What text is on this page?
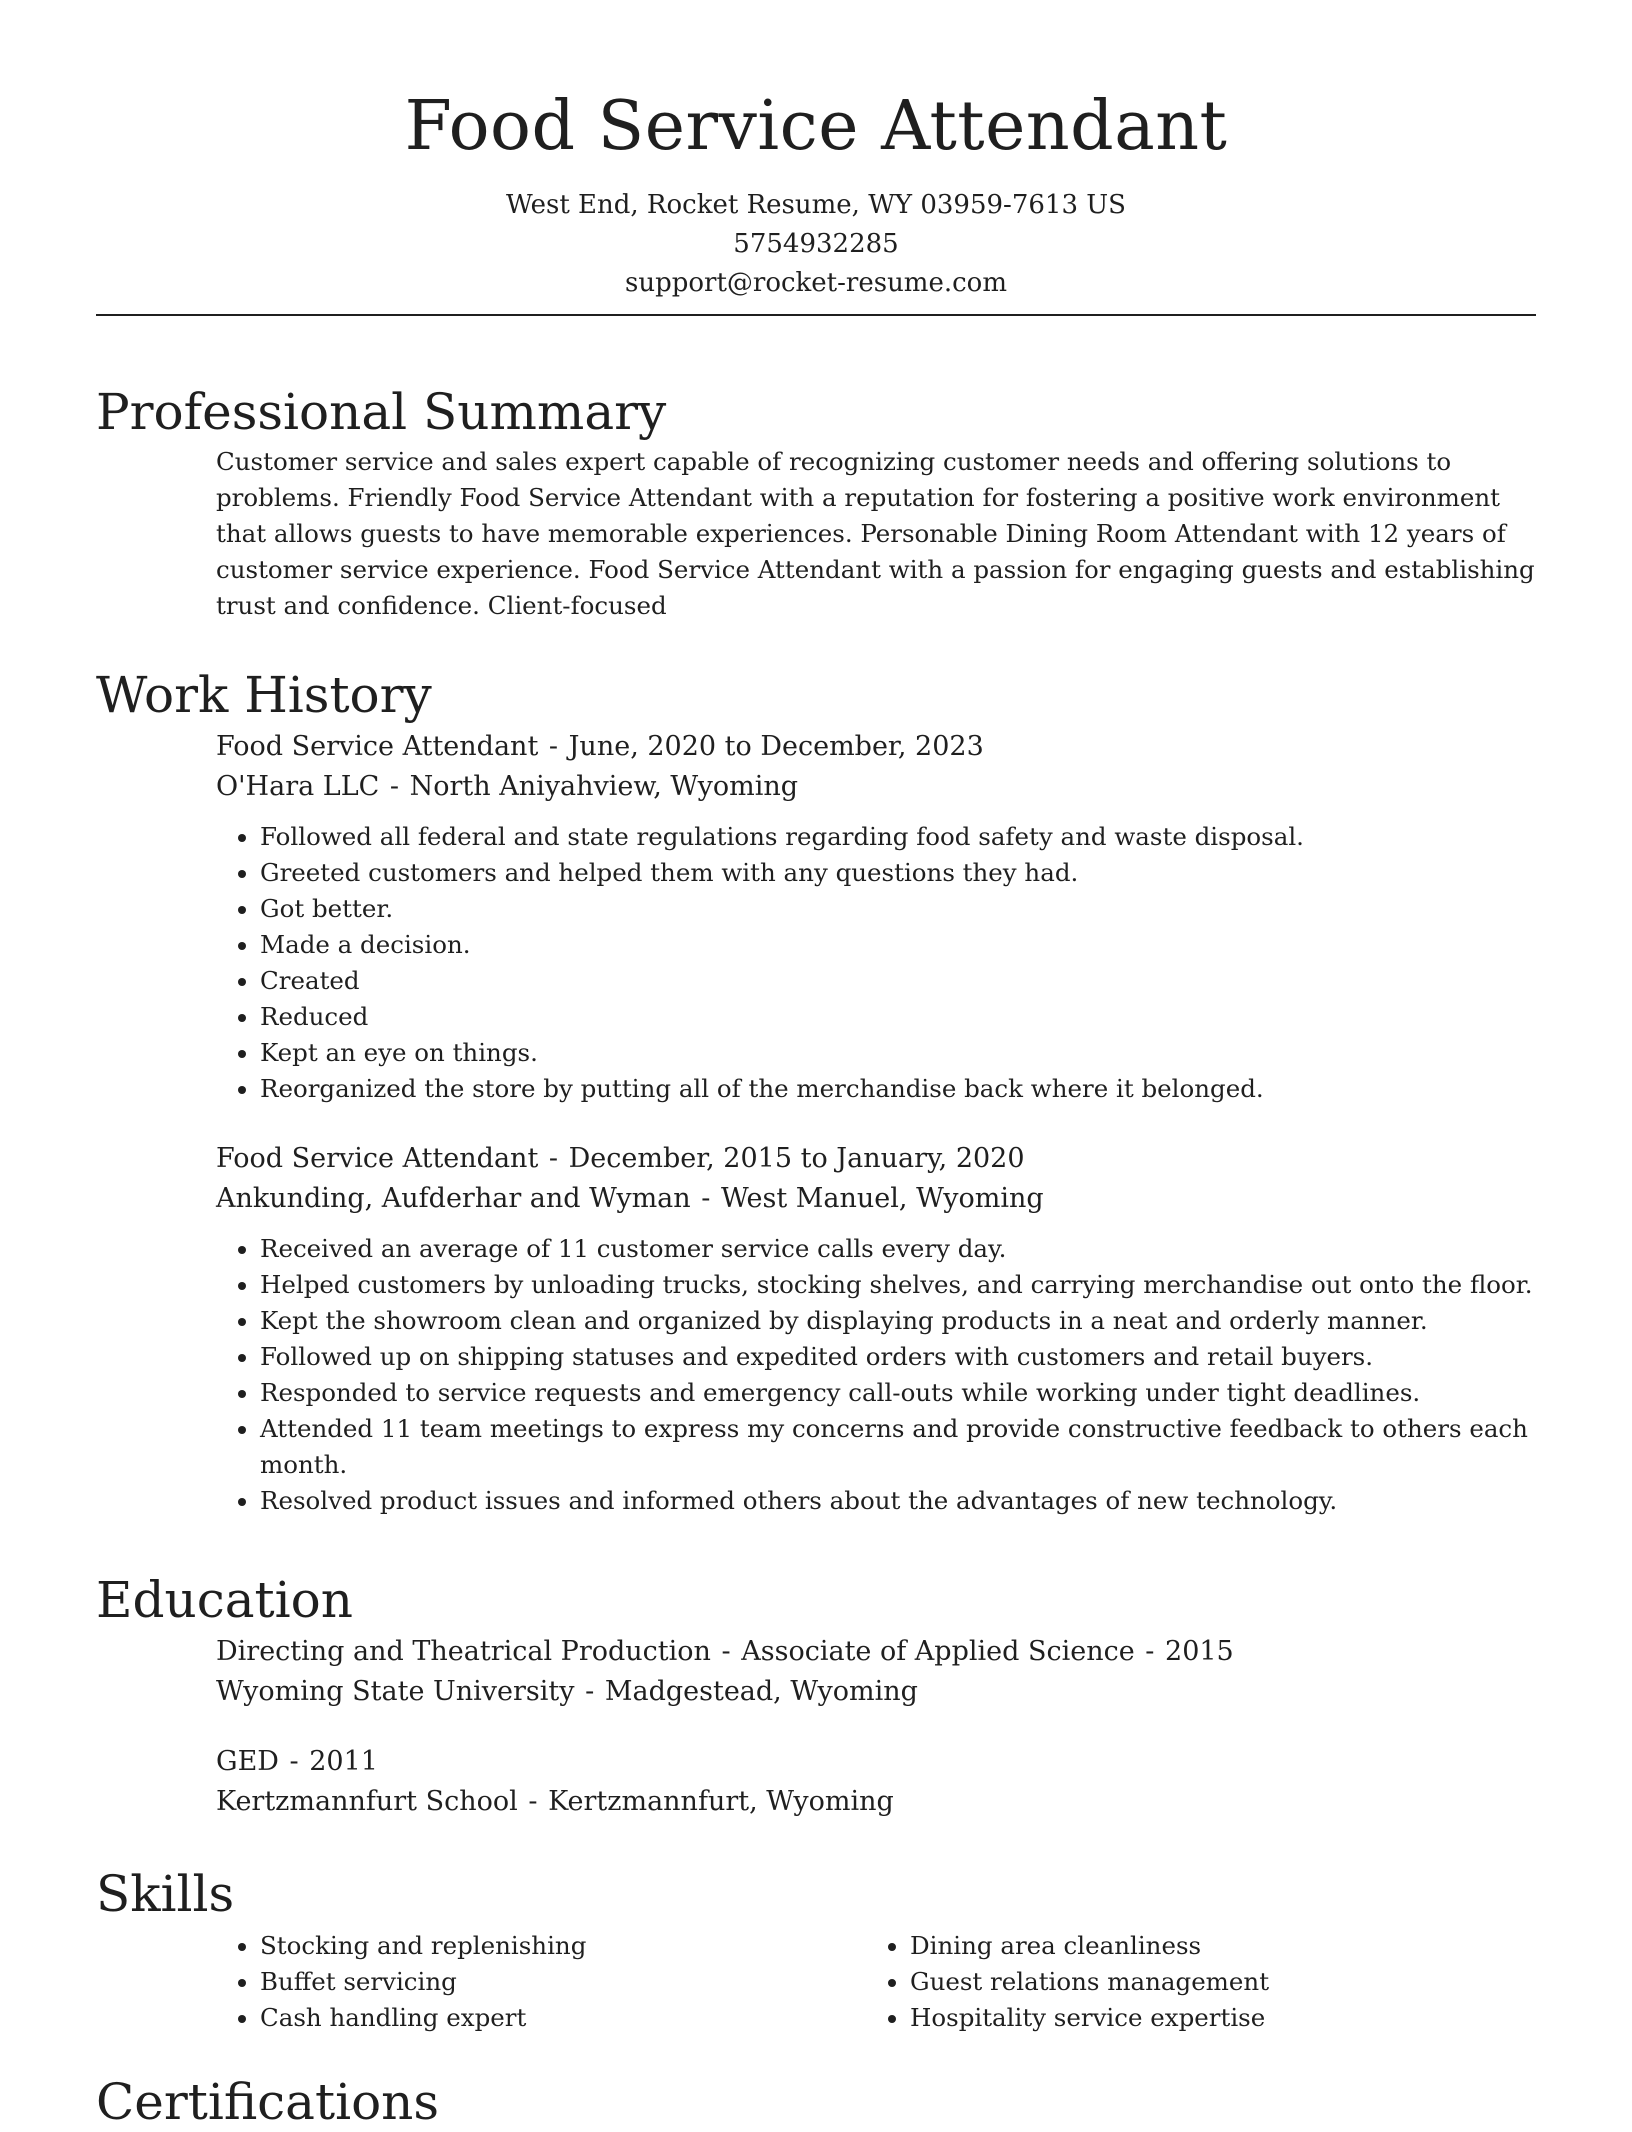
Food Service Attendant
West End, Rocket Resume, WY 03959-7613 US
5754932285
support@rocket-resume.com
Professional Summary

Customer service and sales expert capable of recognizing customer needs and offering solutions to problems. Friendly Food Service Attendant with a reputation for fostering a positive work environment that allows guests to have memorable experiences. Personable Dining Room Attendant with 12 years of customer service experience. Food Service Attendant with a passion for engaging guests and establishing trust and confidence. Client-focused

Work History
Food Service Attendant - June, 2020 to December, 2023
O'Hara LLC - North Aniyahview, Wyoming
• Followed all federal and state regulations regarding food safety and waste disposal.
• Greeted customers and helped them with any questions they had.
• Got better.
• Made a decision.
• Created
• Reduced
• Kept an eye on things.
• Reorganized the store by putting all of the merchandise back where it belonged.
Food Service Attendant - December, 2015 to January, 2020
Ankunding, Aufderhar and Wyman - West Manuel, Wyoming
• Received an average of 11 customer service calls every day.
• Helped customers by unloading trucks, stocking shelves, and carrying merchandise out onto the floor.
• Kept the showroom clean and organized by displaying products in a neat and orderly manner.
• Followed up on shipping statuses and expedited orders with customers and retail buyers.
• Responded to service requests and emergency call-outs while working under tight deadlines.
• Attended 11 team meetings to express my concerns and provide constructive feedback to others each month.
• Resolved product issues and informed others about the advantages of new technology.
Education
Directing and Theatrical Production - Associate of Applied Science - 2015
Wyoming State University - Madgestead, Wyoming
GED - 2011
Kertzmannfurt School - Kertzmannfurt, Wyoming
Skills
• Stocking and replenishing
• Buffet servicing
• Cash handling expert
• Dining area cleanliness
• Guest relations management
• Hospitality service expertise
Certifications
